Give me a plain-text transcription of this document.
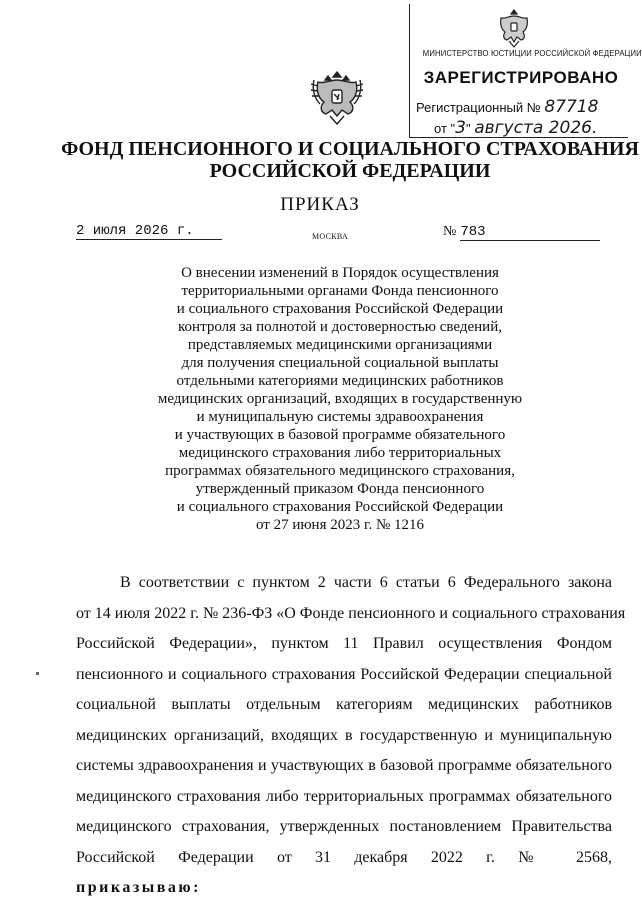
МИНИСТЕРСТВО ЮСТИЦИИ РОССИЙСКОЙ ФЕДЕРАЦИИ
ЗАРЕГИСТРИРОВАНО
Регистрационный № 87718
от "3" августа 2026.
ФОНД ПЕНСИОННОГО И СОЦИАЛЬНОГО СТРАХОВАНИЯ
РОССИЙСКОЙ ФЕДЕРАЦИИ
ПРИКАЗ
2 июля 2026 г.	москва	№ 783
О внесении изменений в Порядок осуществления
территориальными органами Фонда пенсионного
и социального страхования Российской Федерации
контроля за полнотой и достоверностью сведений,
представляемых медицинскими организациями
для получения специальной социальной выплаты
отдельными категориями медицинских работников
медицинских организаций, входящих в государственную
и муниципальную системы здравоохранения
и участвующих в базовой программе обязательного
медицинского страхования либо территориальных
программах обязательного медицинского страхования,
утвержденный приказом Фонда пенсионного
и социального страхования Российской Федерации
от 27 июня 2023 г. № 1216
В соответствии с пунктом 2 части 6 статьи 6 Федерального закона
от 14 июля 2022 г. № 236-ФЗ «О Фонде пенсионного и социального страхования
Российской Федерации», пунктом 11 Правил осуществления Фондом
пенсионного и социального страхования Российской Федерации специальной
социальной выплаты отдельным категориям медицинских работников
медицинских организаций, входящих в государственную и муниципальную
системы здравоохранения и участвующих в базовой программе обязательного
медицинского страхования либо территориальных программах обязательного
медицинского страхования, утвержденных постановлением Правительства
Российской Федерации от 31 декабря 2022 г. № 2568,
приказываю:
